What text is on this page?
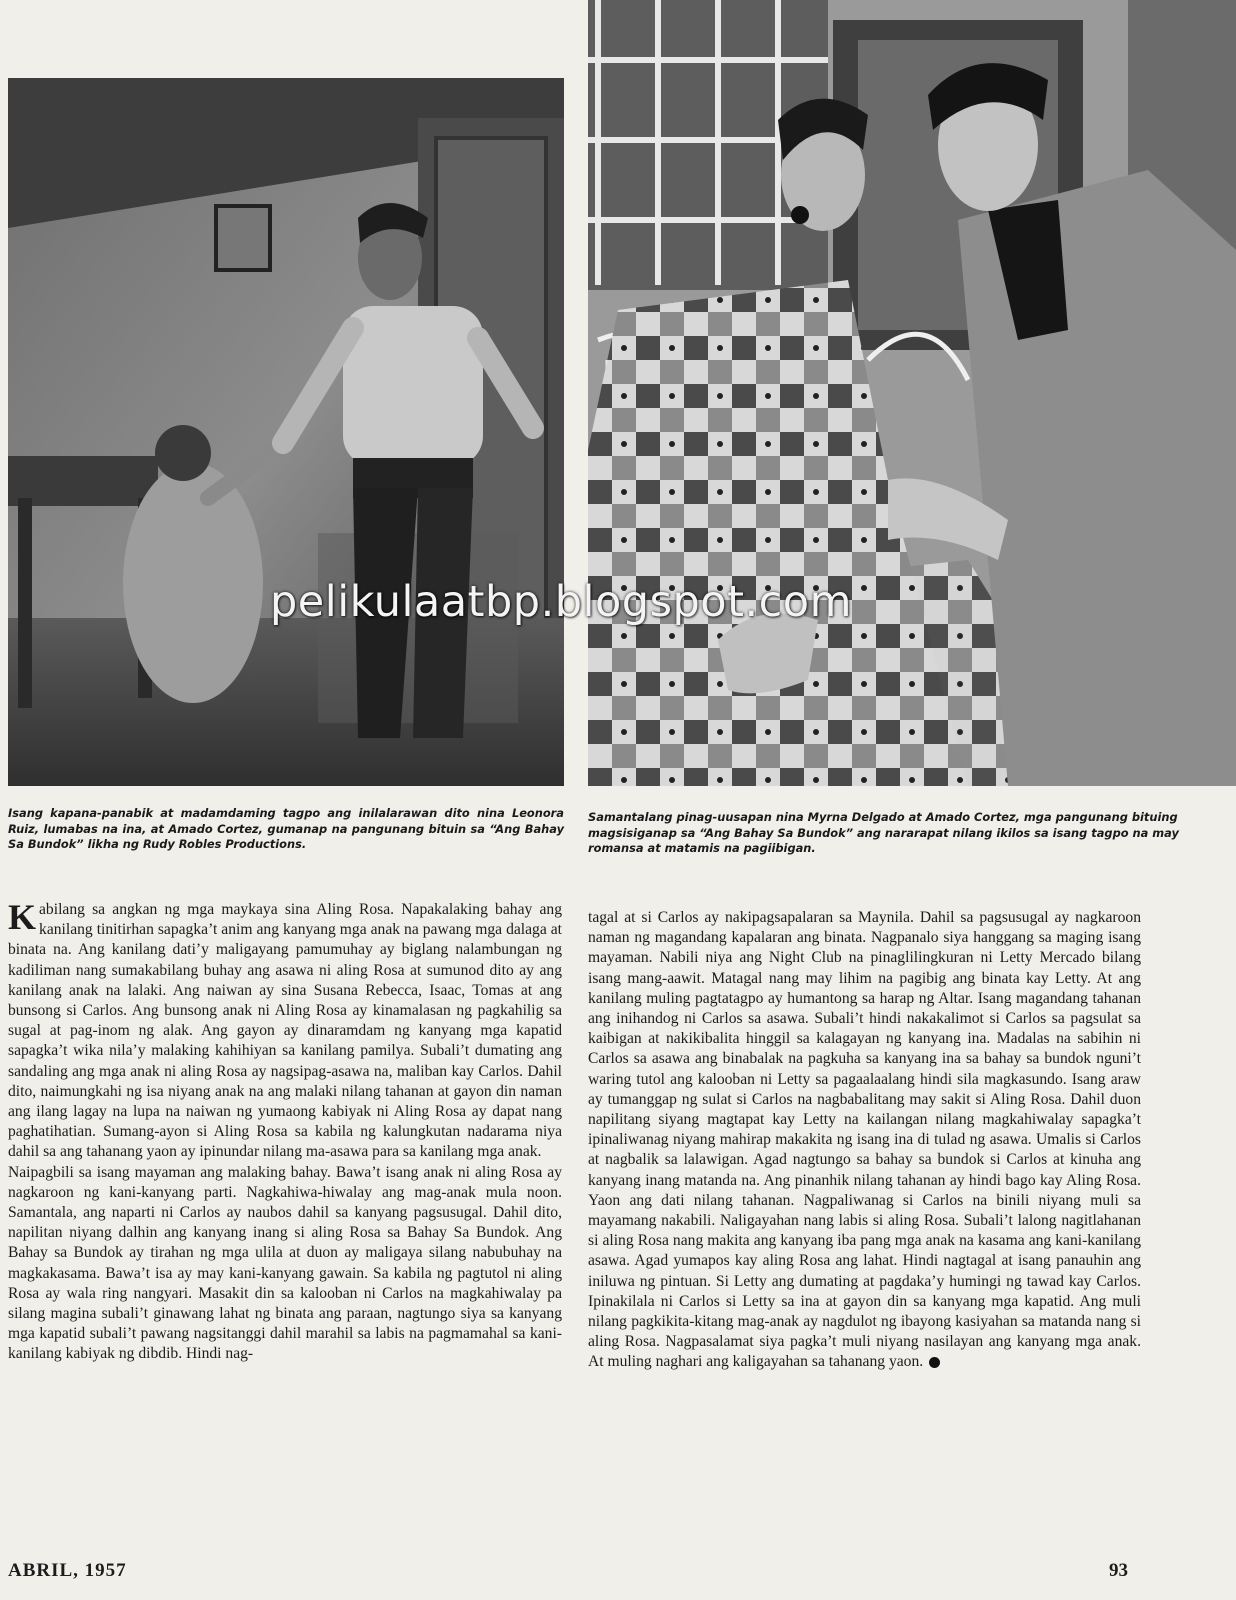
pelikulaatbp.blogspot.com

Isang kapana-panabik at madamdaming tagpo ang inilalarawan dito nina Leonora Ruiz, lumabas na ina, at Amado Cortez, gumanap na pangunang bituin sa “Ang Bahay Sa Bundok” likha ng Rudy Robles Productions.

Samantalang pinag-uusapan nina Myrna Delgado at Amado Cortez, mga pangunang bituing magsisiganap sa “Ang Bahay Sa Bundok” ang nararapat nilang ikilos sa isang tagpo na may romansa at matamis na pagiibigan.

Kabilang sa angkan ng mga maykaya sina Aling Rosa. Napakalaking bahay ang kanilang tinitirhan sapagka’t anim ang kanyang mga anak na pawang mga dalaga at binata na. Ang kanilang dati’y maligayang pamumuhay ay biglang nalambungan ng kadiliman nang sumakabilang buhay ang asawa ni aling Rosa at sumunod dito ay ang kanilang anak na lalaki. Ang naiwan ay sina Susana Rebecca, Isaac, Tomas at ang bunsong si Carlos. Ang bunsong anak ni Aling Rosa ay kinamalasan ng pagkahilig sa sugal at pag-inom ng alak. Ang gayon ay dinaramdam ng kanyang mga kapatid sapagka’t wika nila’y malaking kahihiyan sa kanilang pamilya. Subali’t dumating ang sandaling ang mga anak ni aling Rosa ay nagsipag-asawa na, maliban kay Carlos. Dahil dito, naimungkahi ng isa niyang anak na ang malaki nilang tahanan at gayon din naman ang ilang lagay na lupa na naiwan ng yumaong kabiyak ni Aling Rosa ay dapat nang paghatihatian. Sumang-ayon si Aling Rosa sa kabila ng kalungkutan nadarama niya dahil sa ang tahanang yaon ay ipinundar nilang ma-asawa para sa kanilang mga anak.

Naipagbili sa isang mayaman ang malaking bahay. Bawa’t isang anak ni aling Rosa ay nagkaroon ng kani-kanyang parti. Nagkahiwa-hiwalay ang mag-anak mula noon. Samantala, ang naparti ni Carlos ay naubos dahil sa kanyang pagsusugal. Dahil dito, napilitan niyang dalhin ang kanyang inang si aling Rosa sa Bahay Sa Bundok. Ang Bahay sa Bundok ay tirahan ng mga ulila at duon ay maligaya silang nabubuhay na magkakasama. Bawa’t isa ay may kani-kanyang gawain. Sa kabila ng pagtutol ni aling Rosa ay wala ring nangyari. Masakit din sa kalooban ni Carlos na magkahiwalay pa silang magina subali’t ginawang lahat ng binata ang paraan, nagtungo siya sa kanyang mga kapatid subali’t pawang nagsitanggi dahil marahil sa labis na pagmamahal sa kani-kanilang kabiyak ng dibdib. Hindi nag-

tagal at si Carlos ay nakipagsapalaran sa Maynila. Dahil sa pagsusugal ay nagkaroon naman ng magandang kapalaran ang binata. Nagpanalo siya hanggang sa maging isang mayaman. Nabili niya ang Night Club na pinaglilingkuran ni Letty Mercado bilang isang mang-aawit. Matagal nang may lihim na pagibig ang binata kay Letty. At ang kanilang muling pagtatagpo ay humantong sa harap ng Altar. Isang magandang tahanan ang inihandog ni Carlos sa asawa. Subali’t hindi nakakalimot si Carlos sa pagsulat sa kaibigan at nakikibalita hinggil sa kalagayan ng kanyang ina. Madalas na sabihin ni Carlos sa asawa ang binabalak na pagkuha sa kanyang ina sa bahay sa bundok nguni’t waring tutol ang kalooban ni Letty sa pagaalaalang hindi sila magkasundo. Isang araw ay tumanggap ng sulat si Carlos na nagbabalitang may sakit si Aling Rosa. Dahil duon napilitang siyang magtapat kay Letty na kailangan nilang magkahiwalay sapagka’t ipinaliwanag niyang mahirap makakita ng isang ina di tulad ng asawa. Umalis si Carlos at nagbalik sa lalawigan. Agad nagtungo sa bahay sa bundok si Carlos at kinuha ang kanyang inang matanda na. Ang pinanhik nilang tahanan ay hindi bago kay Aling Rosa. Yaon ang dati nilang tahanan. Nagpaliwanag si Carlos na binili niyang muli sa mayamang nakabili. Naligayahan nang labis si aling Rosa. Subali’t lalong nagitlahanan si aling Rosa nang makita ang kanyang iba pang mga anak na kasama ang kani-kanilang asawa. Agad yumapos kay aling Rosa ang lahat. Hindi nagtagal at isang panauhin ang iniluwa ng pintuan. Si Letty ang dumating at pagdaka’y humingi ng tawad kay Carlos. Ipinakilala ni Carlos si Letty sa ina at gayon din sa kanyang mga kapatid. Ang muli nilang pagkikita-kitang mag-anak ay nagdulot ng ibayong kasiyahan sa matanda nang si aling Rosa. Nagpasalamat siya pagka’t muli niyang nasilayan ang kanyang mga anak. At muling naghari ang kaligayahan sa tahanang yaon.

ABRIL, 1957	93
